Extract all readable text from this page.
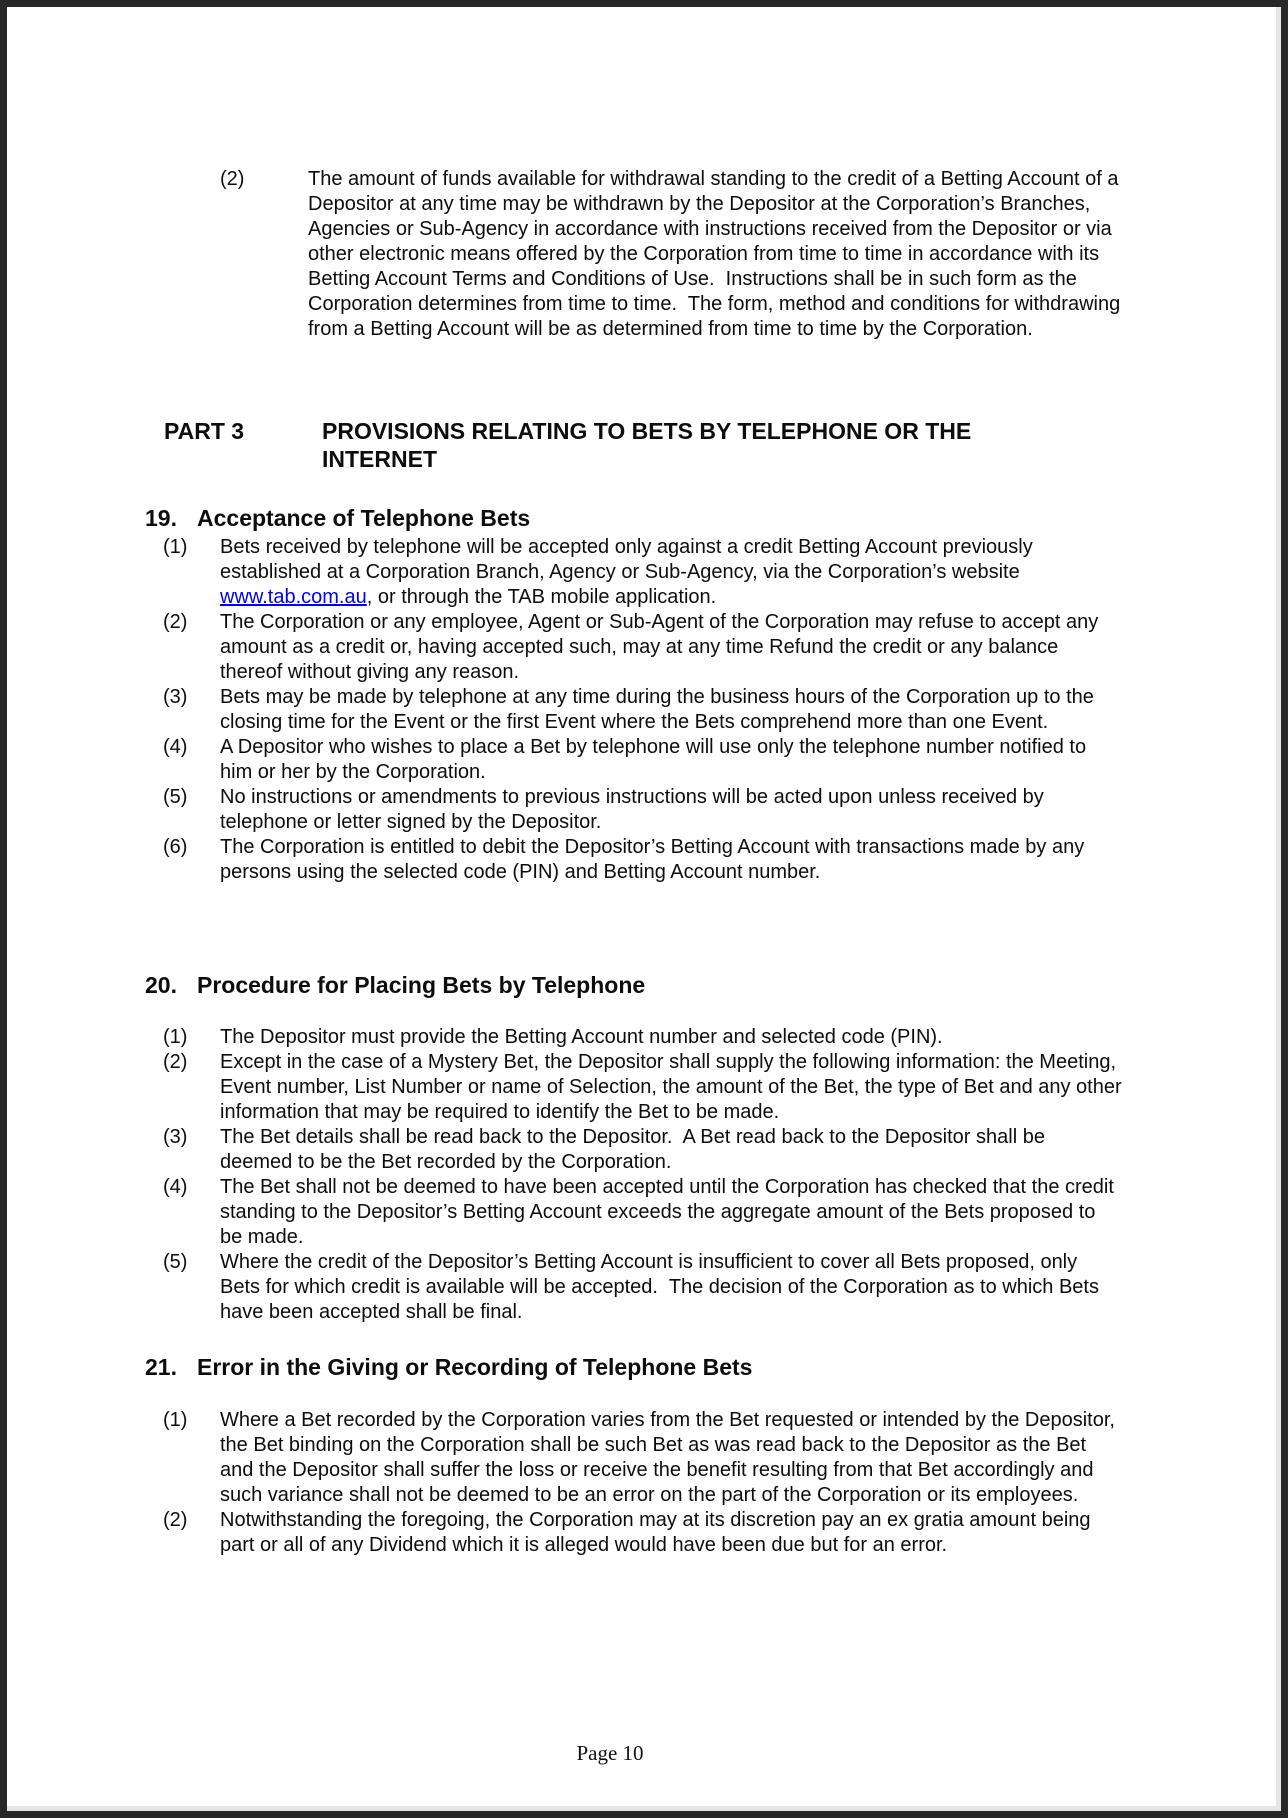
(2)	The amount of funds available for withdrawal standing to the credit of a Betting Account of a Depositor at any time may be withdrawn by the Depositor at the Corporation’s Branches, Agencies or Sub-Agency in accordance with instructions received from the Depositor or via other electronic means offered by the Corporation from time to time in accordance with its Betting Account Terms and Conditions of Use.  Instructions shall be in such form as the Corporation determines from time to time.  The form, method and conditions for withdrawing from a Betting Account will be as determined from time to time by the Corporation.
PART 3	PROVISIONS RELATING TO BETS BY TELEPHONE OR THE INTERNET
19. Acceptance of Telephone Bets
(1)	Bets received by telephone will be accepted only against a credit Betting Account previously established at a Corporation Branch, Agency or Sub-Agency, via the Corporation’s website www.tab.com.au, or through the TAB mobile application.
(2)	The Corporation or any employee, Agent or Sub-Agent of the Corporation may refuse to accept any amount as a credit or, having accepted such, may at any time Refund the credit or any balance thereof without giving any reason.
(3)	Bets may be made by telephone at any time during the business hours of the Corporation up to the closing time for the Event or the first Event where the Bets comprehend more than one Event.
(4)	A Depositor who wishes to place a Bet by telephone will use only the telephone number notified to him or her by the Corporation.
(5)	No instructions or amendments to previous instructions will be acted upon unless received by telephone or letter signed by the Depositor.
(6)	The Corporation is entitled to debit the Depositor’s Betting Account with transactions made by any persons using the selected code (PIN) and Betting Account number.
20. Procedure for Placing Bets by Telephone
(1)	The Depositor must provide the Betting Account number and selected code (PIN).
(2)	Except in the case of a Mystery Bet, the Depositor shall supply the following information: the Meeting, Event number, List Number or name of Selection, the amount of the Bet, the type of Bet and any other information that may be required to identify the Bet to be made.
(3)	The Bet details shall be read back to the Depositor.  A Bet read back to the Depositor shall be deemed to be the Bet recorded by the Corporation.
(4)	The Bet shall not be deemed to have been accepted until the Corporation has checked that the credit standing to the Depositor’s Betting Account exceeds the aggregate amount of the Bets proposed to be made.
(5)	Where the credit of the Depositor’s Betting Account is insufficient to cover all Bets proposed, only Bets for which credit is available will be accepted.  The decision of the Corporation as to which Bets have been accepted shall be final.
21. Error in the Giving or Recording of Telephone Bets
(1)	Where a Bet recorded by the Corporation varies from the Bet requested or intended by the Depositor, the Bet binding on the Corporation shall be such Bet as was read back to the Depositor as the Bet and the Depositor shall suffer the loss or receive the benefit resulting from that Bet accordingly and such variance shall not be deemed to be an error on the part of the Corporation or its employees.
(2)	Notwithstanding the foregoing, the Corporation may at its discretion pay an ex gratia amount being part or all of any Dividend which it is alleged would have been due but for an error.
Page 10
